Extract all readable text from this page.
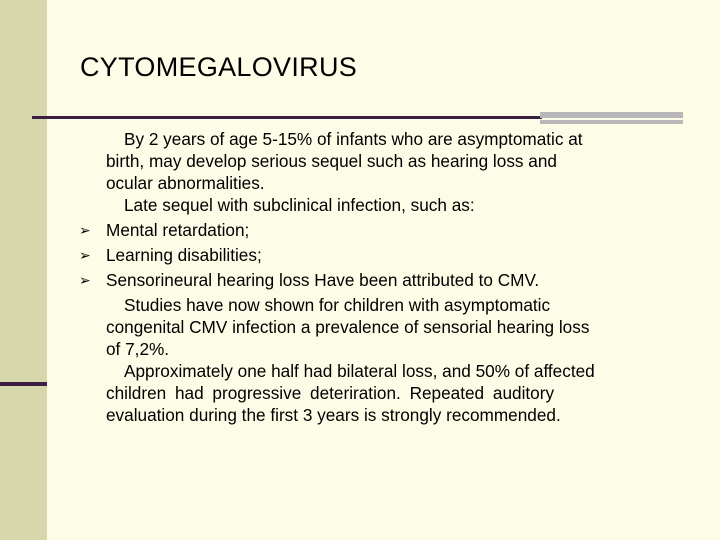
CYTOMEGALOVIRUS
By 2 years of age 5-15% of infants who are asymptomatic at
birth, may develop serious sequel such as hearing loss and
ocular abnormalities.
Late sequel with subclinical infection, such as:
➢ Mental retardation;
➢ Learning disabilities;
➢ Sensorineural hearing loss Have been attributed to CMV.
Studies have now shown for children with asymptomatic
congenital CMV infection a prevalence of sensorial hearing loss
of 7,2%.
Approximately one half had bilateral loss, and 50% of affected
children had progressive deteriration. Repeated auditory
evaluation during the first 3 years is strongly recommended.
